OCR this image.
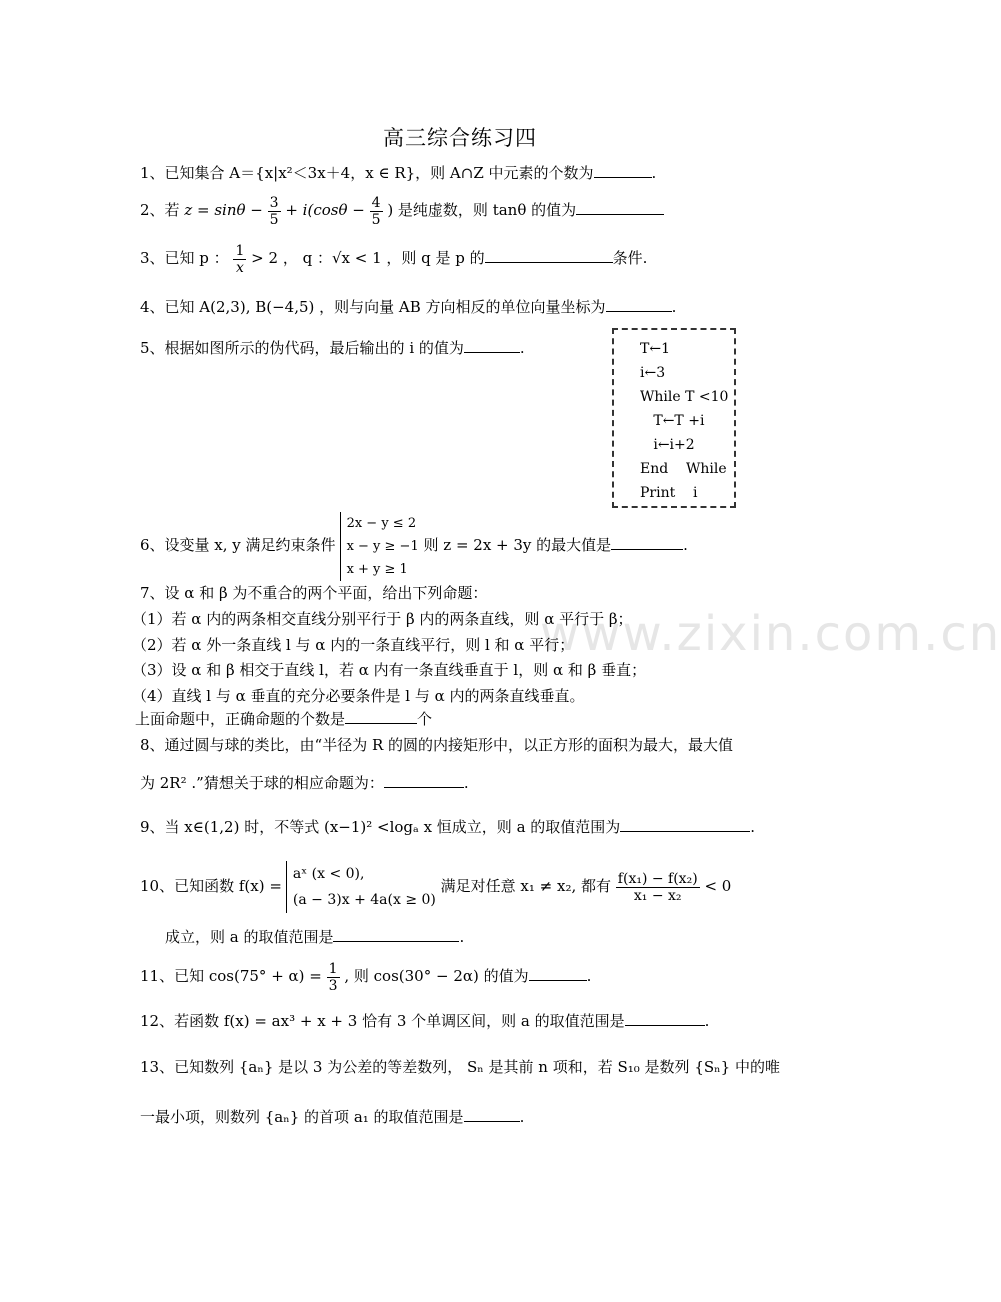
www.zixin.com.cn
高三综合练习四
1、已知集合 A＝{x|x²＜3x＋4，x ∈ R}，则 A∩Z 中元素的个数为	.
2、若 $z = \sin\theta - \frac{3}{5} + i(\cos\theta - \frac{4}{5}$ ) 是纯虚数，则 tanθ 的值为
3、已知 p ： $\frac{1}{x} > 2$ ， q ：√x < 1 ，则 q 是 p 的	条件.
4、已知 A(2,3), B(−4,5) ，则与向量 AB 方向相反的单位向量坐标为	.
5、根据如图所示的伪代码，最后输出的 i 的值为	.	T←1
i←3
While T <10
T←T +i
i←i+2
End    While
Print    i
6、设变量 x, y 满足约束条件
2x − y ≤ 2
x − y ≥ −1
x + y ≥ 1
则 z = 2x + 3y 的最大值是	.
7、设 α 和 β 为不重合的两个平面，给出下列命题：
（1）若 α 内的两条相交直线分别平行于 β 内的两条直线，则 α 平行于 β；
（2）若 α 外一条直线 l 与 α 内的一条直线平行，则 l 和 α 平行；
（3）设 α 和 β 相交于直线 l，若 α 内有一条直线垂直于 l，则 α 和 β 垂直；
（4）直线 l 与 α 垂直的充分必要条件是 l 与 α 内的两条直线垂直。
上面命题中，正确命题的个数是	个
8、通过圆与球的类比，由“半径为 R 的圆的内接矩形中，以正方形的面积为最大，最大值
为 2R² .”猜想关于球的相应命题为：	.
9、当 x∈(1,2) 时，不等式 (x−1)² <logₐ x 恒成立，则 a 的取值范围为	.
10、已知函数 f(x) =
aˣ (x < 0),
(a − 3)x + 4a(x ≥ 0)
满足对任意 x₁ ≠ x₂, 都有 $\frac{\text{f(x₁) − f(x₂)}}{\text{x₁ − x₂}} < 0$
成立，则 a 的取值范围是	.
11、已知 $\cos(75^\circ + \alpha) = \frac{1}{3}$ , 则 cos(30° − 2α) 的值为	.
12、若函数 f(x) = ax³ + x + 3 恰有 3 个单调区间，则 a 的取值范围是	.
13、已知数列 {aₙ} 是以 3 为公差的等差数列， Sₙ 是其前 n 项和，若 S₁₀ 是数列 {Sₙ} 中的唯
一最小项，则数列 {aₙ} 的首项 a₁ 的取值范围是	.
